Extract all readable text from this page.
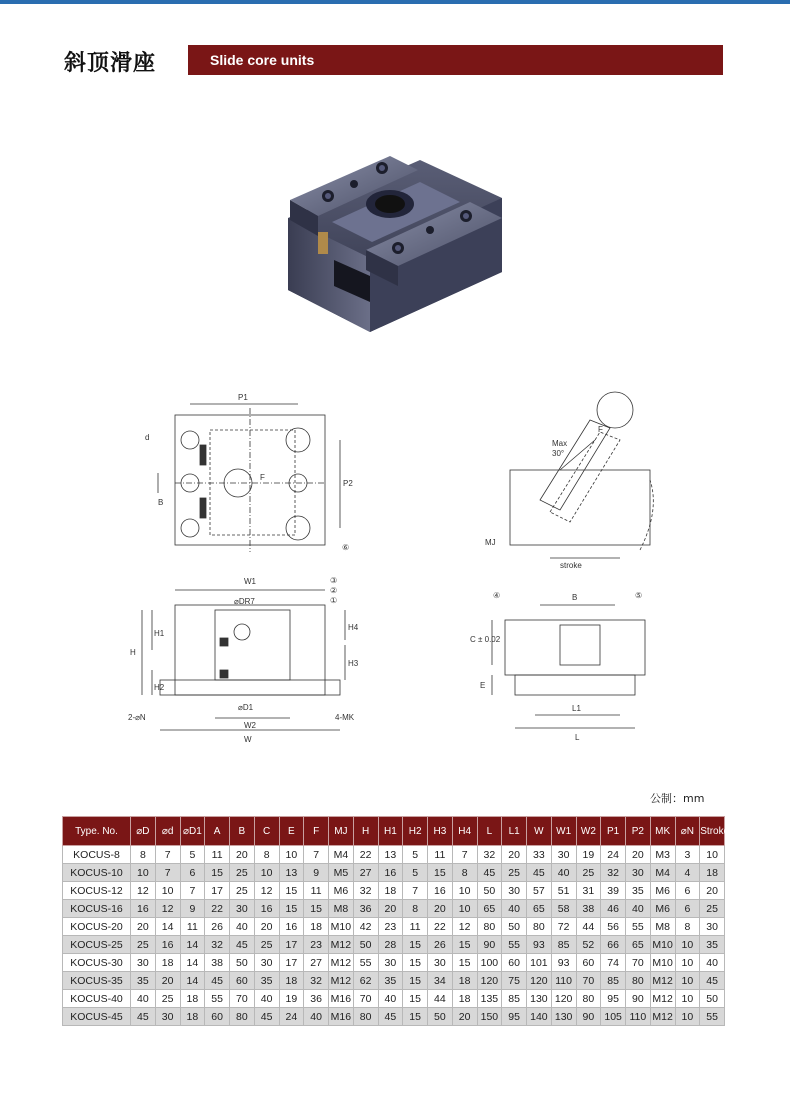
斜顶滑座	Slide core units
P1
P2
d
B
F
⑥
Max
30°
MJ
stroke
F
W1
⌀DR7
W
W2
⌀D1
H
H1
H2
H3
H4
2-⌀N	4-MK
③
②
①	B
④	⑤
C ± 0.02
E
L1
L
公制：mm
Type. No.	⌀D	⌀d	⌀D1	A	B	C	E	F	MJ	H	H1	H2	H3	H4	L	L1	W	W1	W2	P1	P2	MK	⌀N	Stroke
KOCUS-8	8	7	5	11	20	8	10	7	M4	22	13	5	11	7	32	20	33	30	19	24	20	M3	3	10
KOCUS-10	10	7	6	15	25	10	13	9	M5	27	16	5	15	8	45	25	45	40	25	32	30	M4	4	18
KOCUS-12	12	10	7	17	25	12	15	11	M6	32	18	7	16	10	50	30	57	51	31	39	35	M6	6	20
KOCUS-16	16	12	9	22	30	16	15	15	M8	36	20	8	20	10	65	40	65	58	38	46	40	M6	6	25
KOCUS-20	20	14	11	26	40	20	16	18	M10	42	23	11	22	12	80	50	80	72	44	56	55	M8	8	30
KOCUS-25	25	16	14	32	45	25	17	23	M12	50	28	15	26	15	90	55	93	85	52	66	65	M10	10	35
KOCUS-30	30	18	14	38	50	30	17	27	M12	55	30	15	30	15	100	60	101	93	60	74	70	M10	10	40
KOCUS-35	35	20	14	45	60	35	18	32	M12	62	35	15	34	18	120	75	120	110	70	85	80	M12	10	45
KOCUS-40	40	25	18	55	70	40	19	36	M16	70	40	15	44	18	135	85	130	120	80	95	90	M12	10	50
KOCUS-45	45	30	18	60	80	45	24	40	M16	80	45	15	50	20	150	95	140	130	90	105	110	M12	10	55
